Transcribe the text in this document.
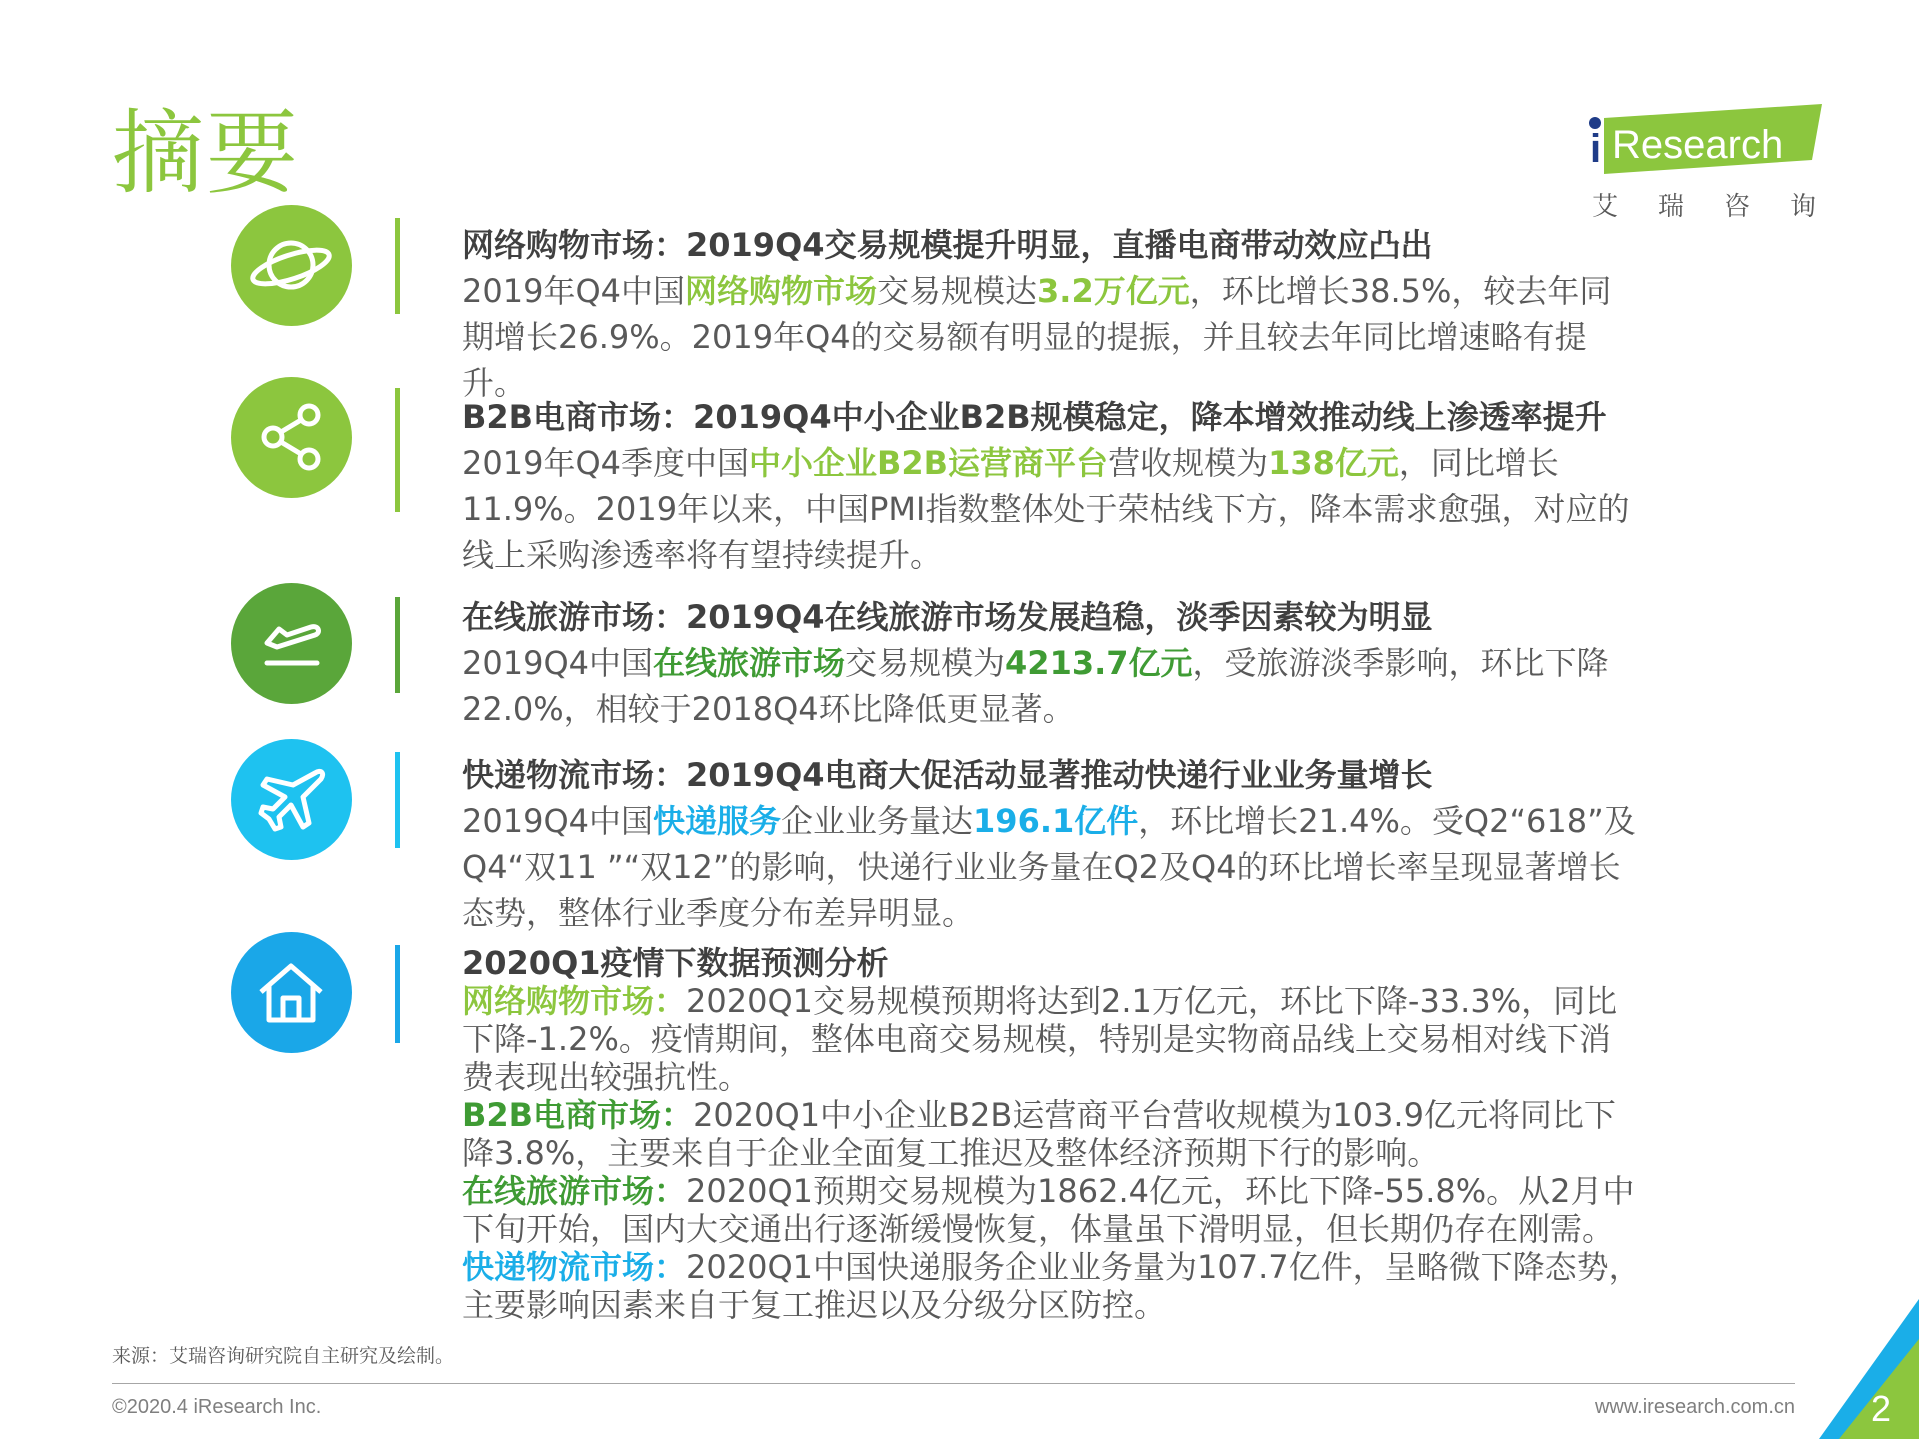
摘要	i Research
艾 瑞 咨 询
网络购物市场：2019Q4交易规模提升明显，直播电商带动效应凸出
2019年Q4中国网络购物市场交易规模达3.2万亿元，环比增长38.5%，较去年同期增长26.9%。2019年Q4的交易额有明显的提振，并且较去年同比增速略有提升。
B2B电商市场：2019Q4中小企业B2B规模稳定，降本增效推动线上渗透率提升
2019年Q4季度中国中小企业B2B运营商平台营收规模为138亿元，同比增长11.9%。2019年以来，中国PMI指数整体处于荣枯线下方，降本需求愈强，对应的线上采购渗透率将有望持续提升。
在线旅游市场：2019Q4在线旅游市场发展趋稳，淡季因素较为明显
2019Q4中国在线旅游市场交易规模为4213.7亿元，受旅游淡季影响，环比下降22.0%，相较于2018Q4环比降低更显著。
快递物流市场：2019Q4电商大促活动显著推动快递行业业务量增长
2019Q4中国快递服务企业业务量达196.1亿件，环比增长21.4%。受Q2“618”及Q4“双11 ”“双12”的影响，快递行业业务量在Q2及Q4的环比增长率呈现显著增长态势，整体行业季度分布差异明显。
2020Q1疫情下数据预测分析
网络购物市场：2020Q1交易规模预期将达到2.1万亿元，环比下降-33.3%，同比下降-1.2%。疫情期间，整体电商交易规模，特别是实物商品线上交易相对线下消费表现出较强抗性。
B2B电商市场：2020Q1中小企业B2B运营商平台营收规模为103.9亿元将同比下降3.8%，主要来自于企业全面复工推迟及整体经济预期下行的影响。
在线旅游市场：2020Q1预期交易规模为1862.4亿元，环比下降-55.8%。从2月中下旬开始，国内大交通出行逐渐缓慢恢复，体量虽下滑明显，但长期仍存在刚需。
快递物流市场：2020Q1中国快递服务企业业务量为107.7亿件，呈略微下降态势，主要影响因素来自于复工推迟以及分级分区防控。
来源：艾瑞咨询研究院自主研究及绘制。
©2020.4 iResearch Inc.	www.iresearch.com.cn 2
